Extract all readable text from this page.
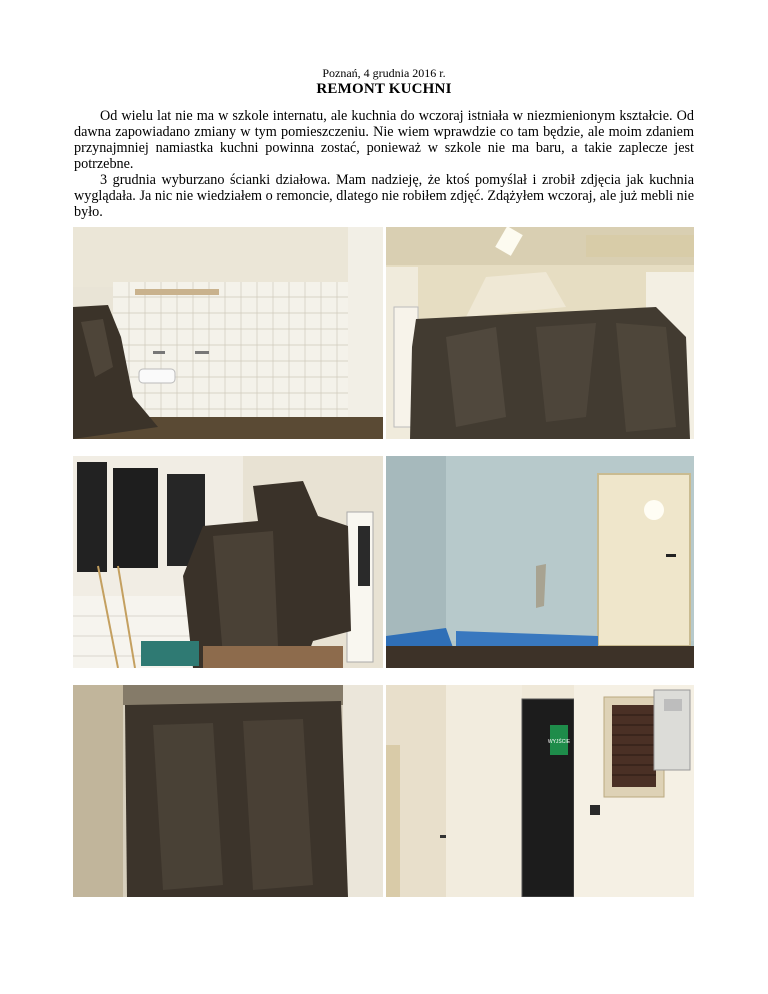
Poznań, 4 grudnia 2016 r.
REMONT KUCHNI

Od wielu lat nie ma w szkole internatu, ale kuchnia do wczoraj istniała w niezmienionym kształcie. Od dawna zapowiadano zmiany w tym pomieszczeniu. Nie wiem wprawdzie co tam będzie, ale moim zdaniem przynajmniej namiastka kuchni powinna zostać, ponieważ w szkole nie ma baru, a takie zaplecze jest potrzebne.

3 grudnia wyburzano ścianki działowa. Mam nadzieję, że ktoś pomyślał i zrobił zdjęcia jak kuchnia wyglądała. Ja nic nie wiedziałem o remoncie, dlatego nie robiłem zdjęć. Zdążyłem wczoraj, ale już mebli nie było.

WYJŚCIE
